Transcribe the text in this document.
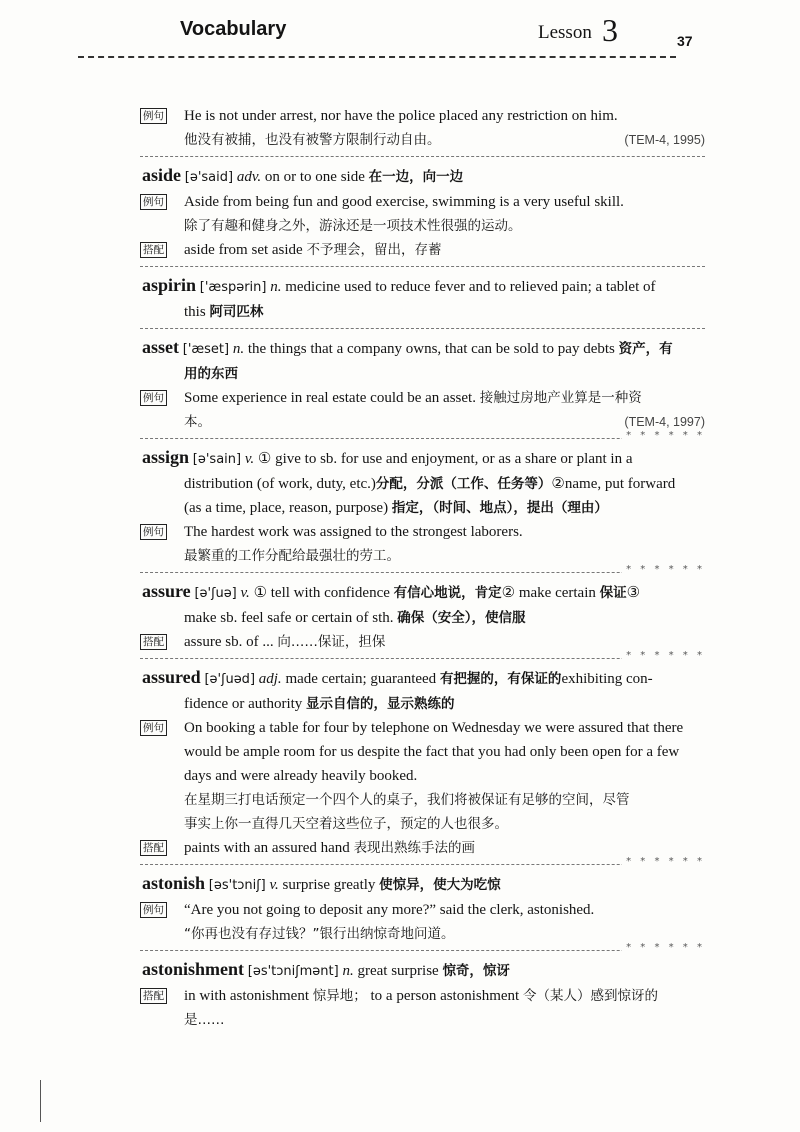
Vocabulary	Lesson 3	37
例句 He is not under arrest, nor have the police placed any restriction on him.
他没有被捕，也没有被警方限制行动自由。	(TEM-4, 1995)
aside [ə'said] adv. on or to one side 在一边，向一边
例句 Aside from being fun and good exercise, swimming is a very useful skill.
除了有趣和健身之外，游泳还是一项技术性很强的运动。
搭配 aside from set aside 不予理会，留出，存蓄
aspirin ['æspərin] n. medicine used to reduce fever and to relieved pain; a tablet of
this 阿司匹林
asset ['æset] n. the things that a company owns, that can be sold to pay debts 资产，有
用的东西
例句 Some experience in real estate could be an asset. 接触过房地产业算是一种资
本。	(TEM-4, 1997)
* * * * * *
assign [ə'sain] v. ① give to sb. for use and enjoyment, or as a share or plant in a
distribution (of work, duty, etc.)分配，分派（工作、任务等）②name, put forward
(as a time, place, reason, purpose) 指定，（时间、地点），提出（理由）
例句 The hardest work was assigned to the strongest laborers.
最繁重的工作分配给最强壮的劳工。
* * * * * *
assure [ə'ʃuə] v. ① tell with confidence 有信心地说，肯定② make certain 保证③
make sb. feel safe or certain of sth. 确保（安全），使信服
搭配 assure sb. of ... 向……保证，担保
* * * * * *
assured [ə'ʃuəd] adj. made certain; guaranteed 有把握的，有保证的exhibiting con-
fidence or authority 显示自信的，显示熟练的
例句 On booking a table for four by telephone on Wednesday we were assured that there
would be ample room for us despite the fact that you had only been open for a few
days and were already heavily booked.
在星期三打电话预定一个四个人的桌子，我们将被保证有足够的空间，尽管
事实上你一直得几天空着这些位子，预定的人也很多。
搭配 paints with an assured hand 表现出熟练手法的画
* * * * * *
astonish [əs'tɔniʃ] v. surprise greatly 使惊异，使大为吃惊
例句 “Are you not going to deposit any more?” said the clerk, astonished.
“你再也没有存过钱？”银行出纳惊奇地问道。
* * * * * *
astonishment [əs'tɔniʃmənt] n. great surprise 惊奇，惊讶
搭配 in with astonishment 惊异地； to a person astonishment 令（某人）感到惊讶的
是……
